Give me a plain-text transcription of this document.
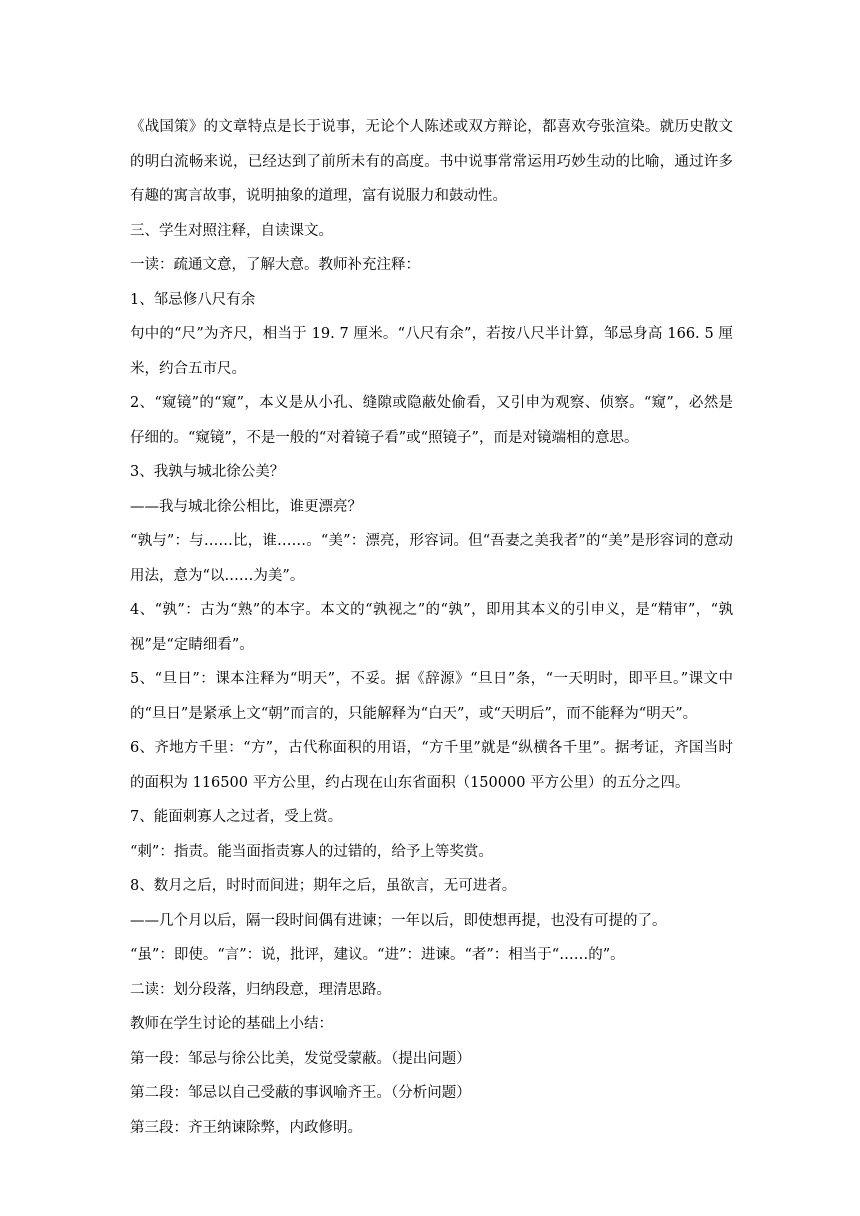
《战国策》的文章特点是长于说事，无论个人陈述或双方辩论，都喜欢夸张渲染。就历史散文的明白流畅来说，已经达到了前所未有的高度。书中说事常常运用巧妙生动的比喻，通过许多有趣的寓言故事，说明抽象的道理，富有说服力和鼓动性。

三、学生对照注释，自读课文。

一读：疏通文意，了解大意。教师补充注释：

1、邹忌修八尺有余

句中的“尺”为齐尺，相当于 19. 7 厘米。“八尺有余”，若按八尺半计算，邹忌身高 166. 5 厘米，约合五市尺。

2、“窥镜”的“窥”，本义是从小孔、缝隙或隐蔽处偷看，又引申为观察、侦察。“窥”，必然是仔细的。“窥镜”，不是一般的“对着镜子看”或“照镜子”，而是对镜端相的意思。

3、我孰与城北徐公美？

——我与城北徐公相比，谁更漂亮？

“孰与”：与……比，谁……。“美”：漂亮，形容词。但“吾妻之美我者”的“美”是形容词的意动用法，意为“以……为美”。

4、“孰”：古为“熟”的本字。本文的“孰视之”的“孰”，即用其本义的引申义，是“精审”，“孰视”是“定睛细看”。

5、“旦日”：课本注释为“明天”，不妥。据《辞源》“旦日”条，“一天明时，即平旦。”课文中的“旦日”是紧承上文“朝”而言的，只能解释为“白天”，或“天明后”，而不能释为“明天”。

6、齐地方千里：“方”，古代称面积的用语，“方千里”就是“纵横各千里”。据考证，齐国当时的面积为 116500 平方公里，约占现在山东省面积（150000 平方公里）的五分之四。

7、能面刺寡人之过者，受上赏。

“刺”：指责。能当面指责寡人的过错的，给予上等奖赏。

8、数月之后，时时而间进；期年之后，虽欲言，无可进者。

——几个月以后，隔一段时间偶有进谏；一年以后，即使想再提，也没有可提的了。

“虽”：即使。“言”：说，批评，建议。“进”：进谏。“者”：相当于“……的”。

二读：划分段落，归纳段意，理清思路。

教师在学生讨论的基础上小结：

第一段：邹忌与徐公比美，发觉受蒙蔽。（提出问题）

第二段：邹忌以自己受蔽的事讽喻齐王。（分析问题）

第三段：齐王纳谏除弊，内政修明。
